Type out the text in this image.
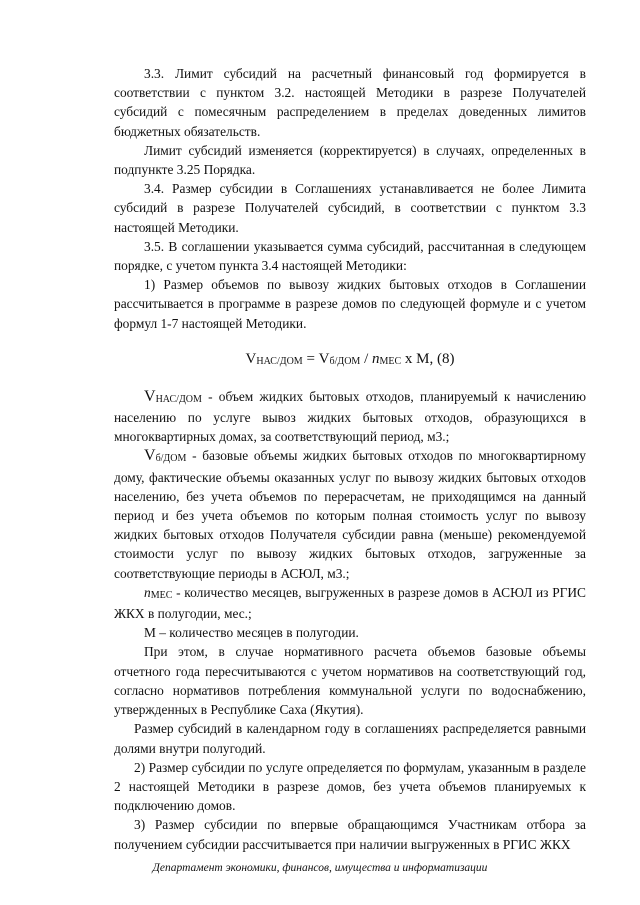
3.3. Лимит субсидий на расчетный финансовый год формируется в соответствии с пунктом 3.2. настоящей Методики в разрезе Получателей субсидий с помесячным распределением в пределах доведенных лимитов бюджетных обязательств.

Лимит субсидий изменяется (корректируется) в случаях, определенных в подпункте 3.25 Порядка.

3.4. Размер субсидии в Соглашениях устанавливается не более Лимита субсидий в разрезе Получателей субсидий, в соответствии с пунктом 3.3 настоящей Методики.

3.5. В соглашении указывается сумма субсидий, рассчитанная в следующем порядке, с учетом пункта 3.4 настоящей Методики:

1) Размер объемов по вывозу жидких бытовых отходов в Соглашении рассчитывается в программе в разрезе домов по следующей формуле и с учетом формул 1-7 настоящей Методики.

VНАС/ДОМ = Vб/ДОМ / nМЕС x M, (8)

VНАС/ДОМ - объем жидких бытовых отходов, планируемый к начислению населению по услуге вывоз жидких бытовых отходов, образующихся в многоквартирных домах, за соответствующий период, м3.;

Vб/ДОМ - базовые объемы жидких бытовых отходов по многоквартирному дому, фактические объемы оказанных услуг по вывозу жидких бытовых отходов населению, без учета объемов по перерасчетам, не приходящимся на данный период и без учета объемов по которым полная стоимость услуг по вывозу жидких бытовых отходов Получателя субсидии равна (меньше) рекомендуемой стоимости услуг по вывозу жидких бытовых отходов, загруженные за соответствующие периоды в АСЮЛ, м3.;

nМЕС - количество месяцев, выгруженных в разрезе домов в АСЮЛ из РГИС ЖКХ в полугодии, мес.;

M – количество месяцев в полугодии.

При этом, в случае нормативного расчета объемов базовые объемы отчетного года пересчитываются с учетом нормативов на соответствующий год, согласно нормативов потребления коммунальной услуги по водоснабжению, утвержденных в Республике Саха (Якутия).

Размер субсидий в календарном году в соглашениях распределяется равными долями внутри полугодий.

2) Размер субсидии по услуге определяется по формулам, указанным в разделе 2 настоящей Методики в разрезе домов, без учета объемов планируемых к подключению домов.

3) Размер субсидии по впервые обращающимся Участникам отбора за получением субсидии рассчитывается при наличии выгруженных в РГИС ЖКХ

Департамент экономики, финансов, имущества и информатизации
